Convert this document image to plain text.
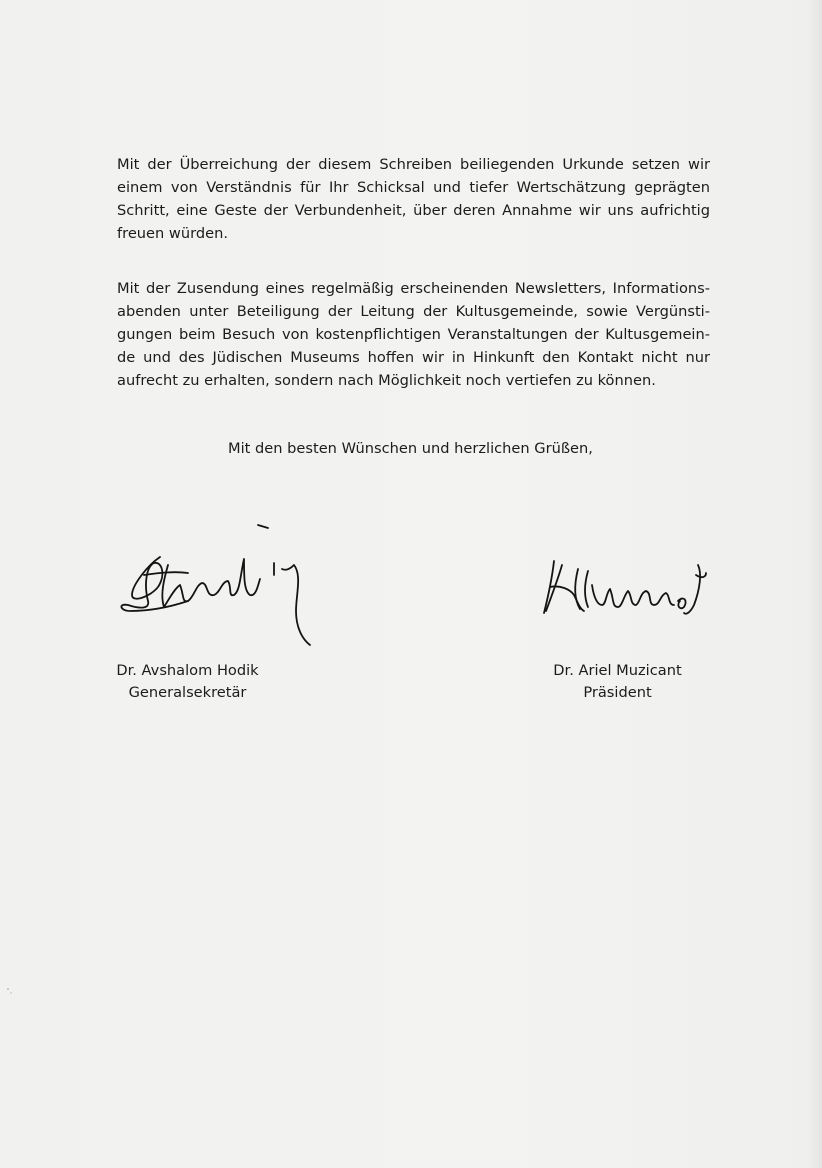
Mit der Überreichung der diesem Schreiben beiliegenden Urkunde setzen wir
einem von Verständnis für Ihr Schicksal und tiefer Wertschätzung geprägten
Schritt, eine Geste der Verbundenheit, über deren Annahme wir uns aufrichtig
freuen würden.

Mit der Zusendung eines regelmäßig erscheinenden Newsletters, Informations-
abenden unter Beteiligung der Leitung der Kultusgemeinde, sowie Vergünsti-
gungen beim Besuch von kostenpflichtigen Veranstaltungen der Kultusgemein-
de und des Jüdischen Museums hoffen wir in Hinkunft den Kontakt nicht nur
aufrecht zu erhalten, sondern nach Möglichkeit noch vertiefen zu können.

Mit den besten Wünschen und herzlichen Grüßen,

Dr. Avshalom Hodik
Generalsekretär
Dr. Ariel Muzicant
Präsident
